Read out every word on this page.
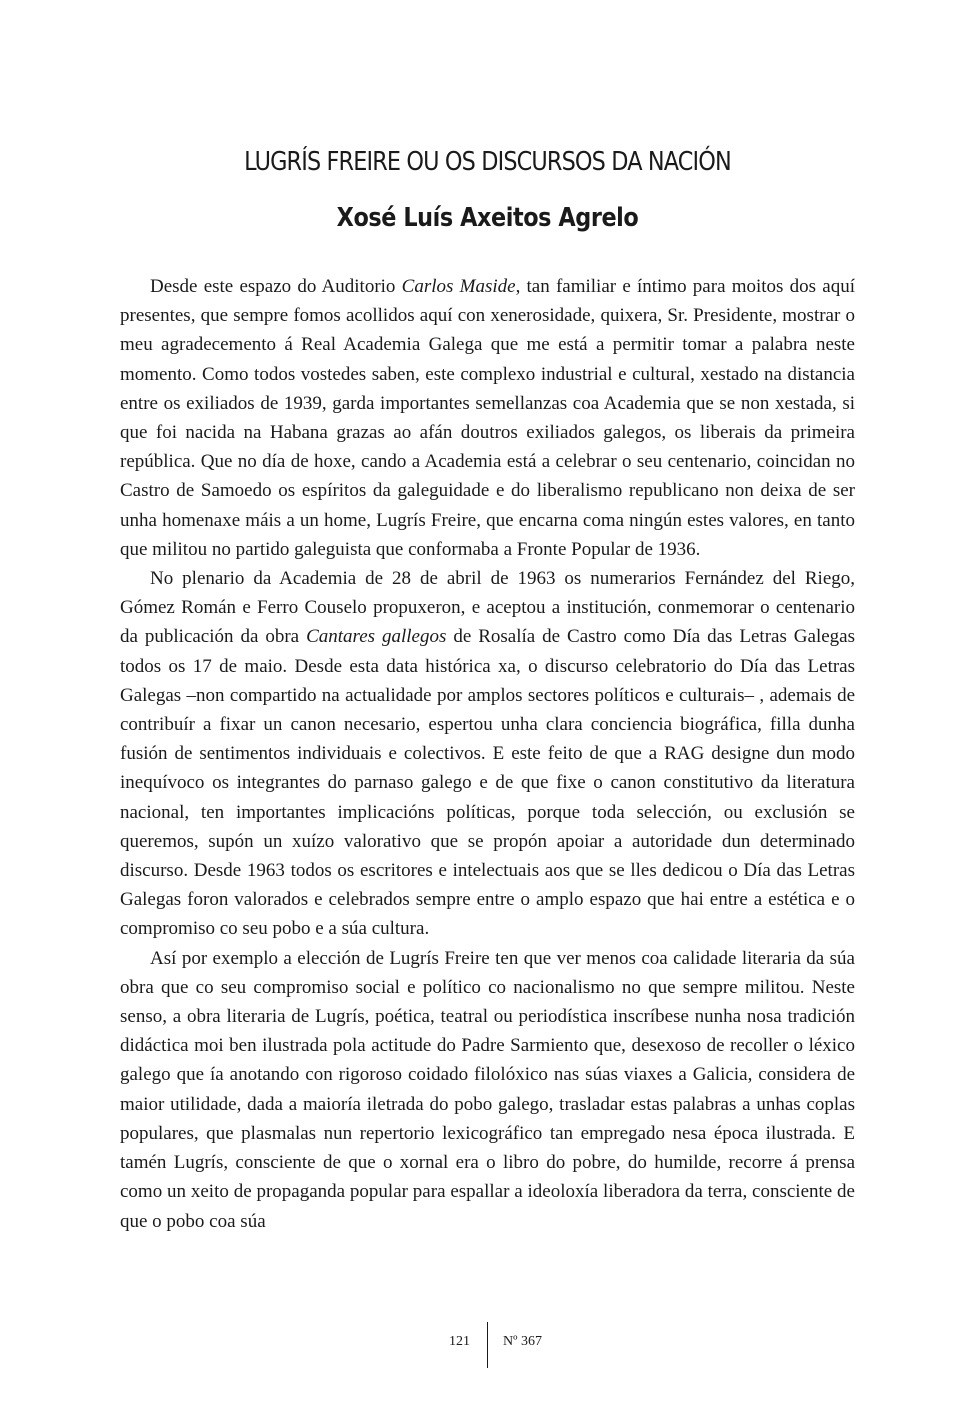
LUGRÍS FREIRE OU OS DISCURSOS DA NACIÓN
Xosé Luís Axeitos Agrelo

Desde este espazo do Auditorio Carlos Maside, tan familiar e íntimo para moitos dos aquí presentes, que sempre fomos acollidos aquí con xenerosidade, quixera, Sr. Presidente, mostrar o meu agradecemento á Real Academia Galega que me está a permitir tomar a palabra neste momento. Como todos vostedes saben, este complexo industrial e cultural, xestado na distancia entre os exiliados de 1939, garda importantes semellanzas coa Academia que se non xestada, si que foi nacida na Habana grazas ao afán doutros exiliados galegos, os liberais da primeira república. Que no día de hoxe, cando a Academia está a celebrar o seu centenario, coincidan no Castro de Samoedo os espíritos da galeguidade e do liberalismo republicano non deixa de ser unha homenaxe máis a un home, Lugrís Freire, que encarna coma ningún estes valores, en tanto que militou no partido galeguista que conformaba a Fronte Popular de 1936.

No plenario da Academia de 28 de abril de 1963 os numerarios Fernández del Riego, Gómez Román e Ferro Couselo propuxeron, e aceptou a institución, conmemorar o centenario da publicación da obra Cantares gallegos de Rosalía de Castro como Día das Letras Galegas todos os 17 de maio. Desde esta data histórica xa, o discurso celebratorio do Día das Letras Galegas –non compartido na actualidade por amplos sectores políticos e culturais– , ademais de contribuír a fixar un canon necesario, espertou unha clara conciencia biográfica, filla dunha fusión de sentimentos individuais e colectivos. E este feito de que a RAG designe dun modo inequívoco os integrantes do parnaso galego e de que fixe o canon constitutivo da literatura nacional, ten importantes implicacións políticas, porque toda selección, ou exclusión se queremos, supón un xuízo valorativo que se propón apoiar a autoridade dun determinado discurso. Desde 1963 todos os escritores e intelectuais aos que se lles dedicou o Día das Letras Galegas foron valorados e celebrados sempre entre o amplo espazo que hai entre a estética e o compromiso co seu pobo e a súa cultura.

Así por exemplo a elección de Lugrís Freire ten que ver menos coa calidade literaria da súa obra que co seu compromiso social e político co nacionalismo no que sempre militou. Neste senso, a obra literaria de Lugrís, poética, teatral ou periodística inscríbese nunha nosa tradición didáctica moi ben ilustrada pola actitude do Padre Sarmiento que, desexoso de recoller o léxico galego que ía anotando con rigoroso coidado filolóxico nas súas viaxes a Galicia, considera de maior utilidade, dada a maioría iletrada do pobo galego, trasladar estas palabras a unhas coplas populares, que plasmalas nun repertorio lexicográfico tan empregado nesa época ilustrada. E tamén Lugrís, consciente de que o xornal era o libro do pobre, do humilde, recorre á prensa como un xeito de propaganda popular para espallar a ideoloxía liberadora da terra, consciente de que o pobo coa súa

121 Nº 367
